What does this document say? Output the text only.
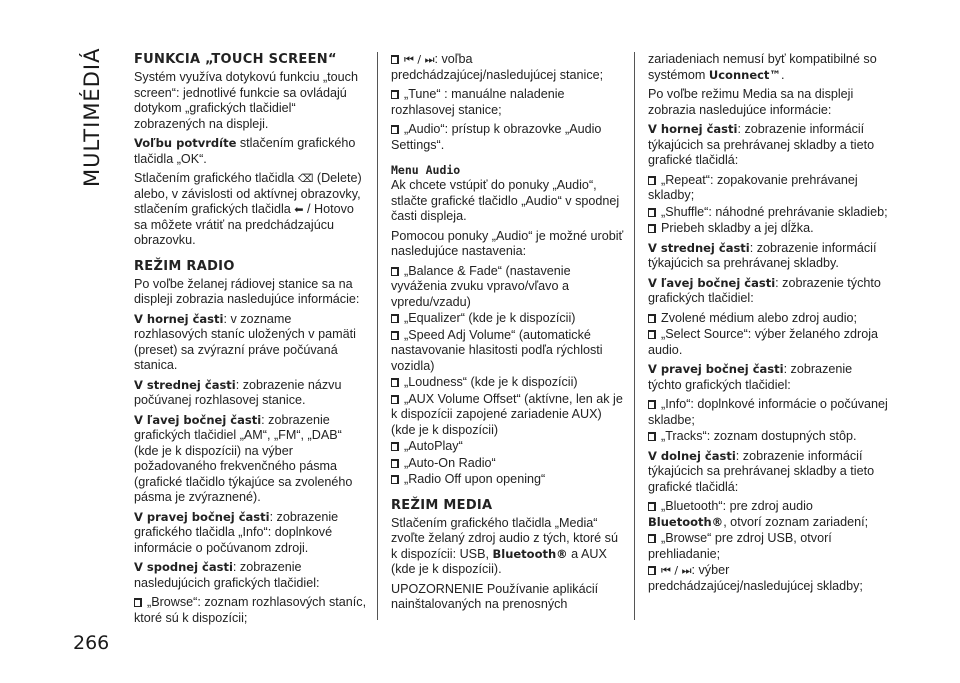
MULTIMÉDIÁ
266
FUNKCIA „TOUCH SCREEN“

Systém využíva dotykovú funkciu „touch screen“: jednotlivé funkcie sa ovládajú dotykom „grafických tlačidiel“ zobrazených na displeji.

Voľbu potvrdíte stlačením grafického tlačidla „OK“.

Stlačením grafického tlačidla ⌫ (Delete) alebo, v závislosti od aktívnej obrazovky, stlačením grafických tlačidla ⬅ / Hotovo sa môžete vrátiť na predchádzajúcu obrazovku.

REŽIM RADIO

Po voľbe želanej rádiovej stanice sa na displeji zobrazia nasledujúce informácie:

V hornej časti: v zozname rozhlasových staníc uložených v pamäti (preset) sa zvýrazní práve počúvaná stanica.

V strednej časti: zobrazenie názvu počúvanej rozhlasovej stanice.

V ľavej bočnej časti: zobrazenie grafických tlačidiel „AM“, „FM“, „DAB“ (kde je k dispozícii) na výber požadovaného frekvenčného pásma (grafické tlačidlo týkajúce sa zvoleného pásma je zvýraznené).

V pravej bočnej časti: zobrazenie grafického tlačidla „Info“: doplnkové informácie o počúvanom zdroji.

V spodnej časti: zobrazenie nasledujúcich grafických tlačidiel:

„Browse“: zoznam rozhlasových staníc, ktoré sú k dispozícii;

⏮ / ⏭: voľba predchádzajúcej/nasledujúcej stanice;

„Tune“ : manuálne naladenie rozhlasovej stanice;

„Audio“: prístup k obrazovke „Audio Settings“.

Menu Audio

Ak chcete vstúpiť do ponuky „Audio“, stlačte grafické tlačidlo „Audio“ v spodnej časti displeja.

Pomocou ponuky „Audio“ je možné urobiť nasledujúce nastavenia:

„Balance & Fade“ (nastavenie vyváženia zvuku vpravo/vľavo a vpredu/vzadu)

„Equalizer“ (kde je k dispozícii)

„Speed Adj Volume“ (automatické nastavovanie hlasitosti podľa rýchlosti vozidla)

„Loudness“ (kde je k dispozícii)

„AUX Volume Offset“ (aktívne, len ak je k dispozícii zapojené zariadenie AUX) (kde je k dispozícii)

„AutoPlay“

„Auto-On Radio“

„Radio Off upon opening“

REŽIM MEDIA

Stlačením grafického tlačidla „Media“ zvoľte želaný zdroj audio z tých, ktoré sú k dispozícii: USB, Bluetooth® a AUX (kde je k dispozícii).

UPOZORNENIE Používanie aplikácií nainštalovaných na prenosných

zariadeniach nemusí byť kompatibilné so systémom Uconnect™.

Po voľbe režimu Media sa na displeji zobrazia nasledujúce informácie:

V hornej časti: zobrazenie informácií týkajúcich sa prehrávanej skladby a tieto grafické tlačidlá:

„Repeat“: zopakovanie prehrávanej skladby;

„Shuffle“: náhodné prehrávanie skladieb;

Priebeh skladby a jej dĺžka.

V strednej časti: zobrazenie informácií týkajúcich sa prehrávanej skladby.

V ľavej bočnej časti: zobrazenie týchto grafických tlačidiel:

Zvolené médium alebo zdroj audio;

„Select Source“: výber želaného zdroja audio.

V pravej bočnej časti: zobrazenie týchto grafických tlačidiel:

„Info“: doplnkové informácie o počúvanej skladbe;

„Tracks“: zoznam dostupných stôp.

V dolnej časti: zobrazenie informácií týkajúcich sa prehrávanej skladby a tieto grafické tlačidlá:

„Bluetooth“: pre zdroj audio Bluetooth®, otvorí zoznam zariadení;

„Browse“ pre zdroj USB, otvorí prehliadanie;

⏮ / ⏭: výber predchádzajúcej/nasledujúcej skladby;
